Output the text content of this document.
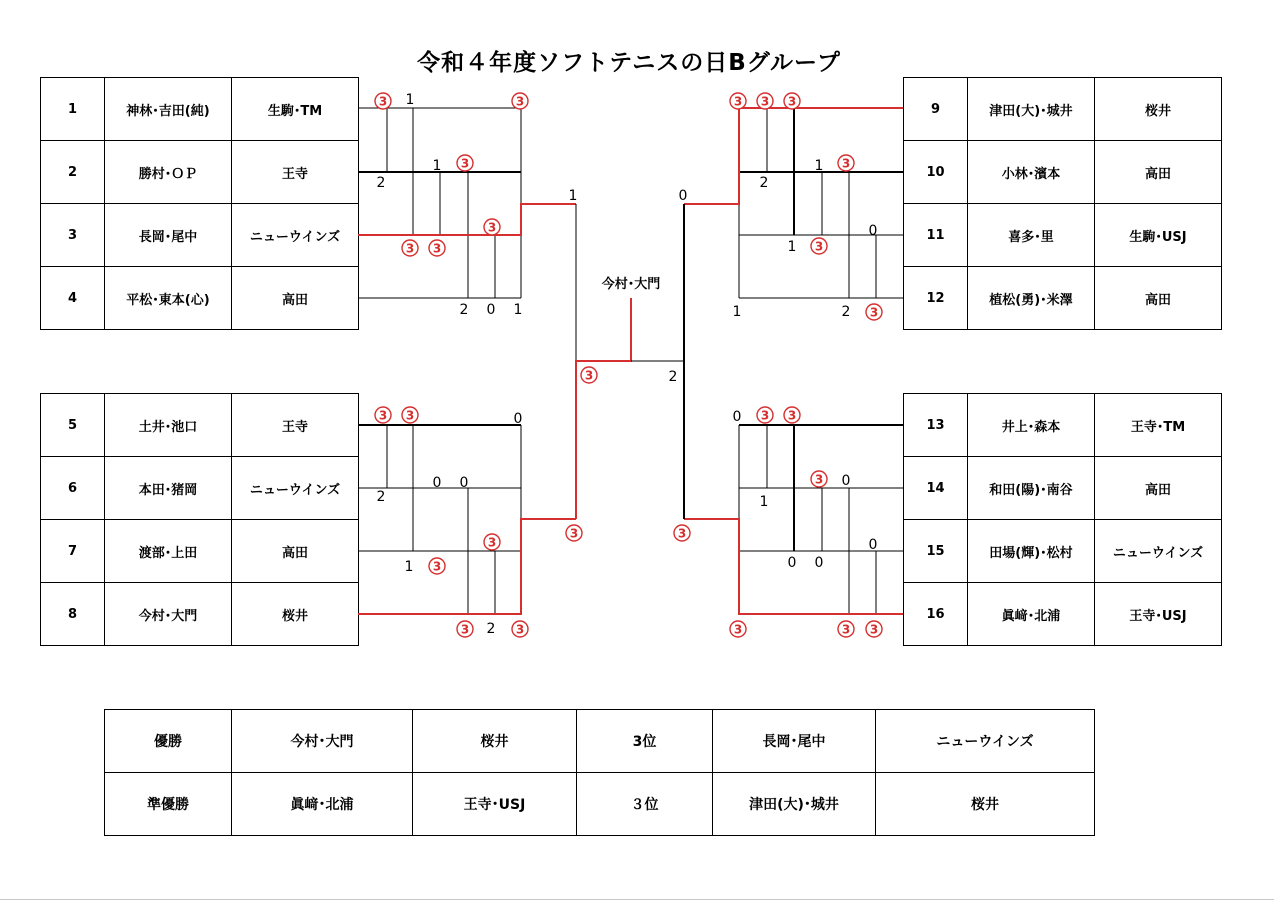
令和４年度ソフトテニスの日Bグループ
1	神林･吉田(純)	生駒･TM
2	勝村･ＯＰ	王寺
3	長岡･尾中	ニューウインズ
4	平松･東本(心)	高田
5	土井･池口	王寺
6	本田･猪岡	ニューウインズ
7	渡部･上田	高田
8	今村･大門	桜井
9	津田(大)･城井	桜井
10	小林･濱本	高田
11	喜多･里	生駒･USJ
12	植松(勇)･米澤	高田
13	井上･森本	王寺･TM
14	和田(陽)･南谷	高田
15	田場(輝)･松村	ニューウインズ
16	眞﨑･北浦	王寺･USJ
今村･大門
1
2
1
2 0 1
1
0
2
0 0
1
2
0
2
1
0
1
1	2
2
0
1
0
0
0 0
3	3
3
3 3
3
3 3
3
3
3	3
3
3
3 3 3
3
3
3
3 3
3
3
3	3 3
優勝	今村･大門	桜井	3位	長岡･尾中	ニューウインズ
準優勝	眞﨑･北浦	王寺･USJ	３位	津田(大)･城井	桜井
